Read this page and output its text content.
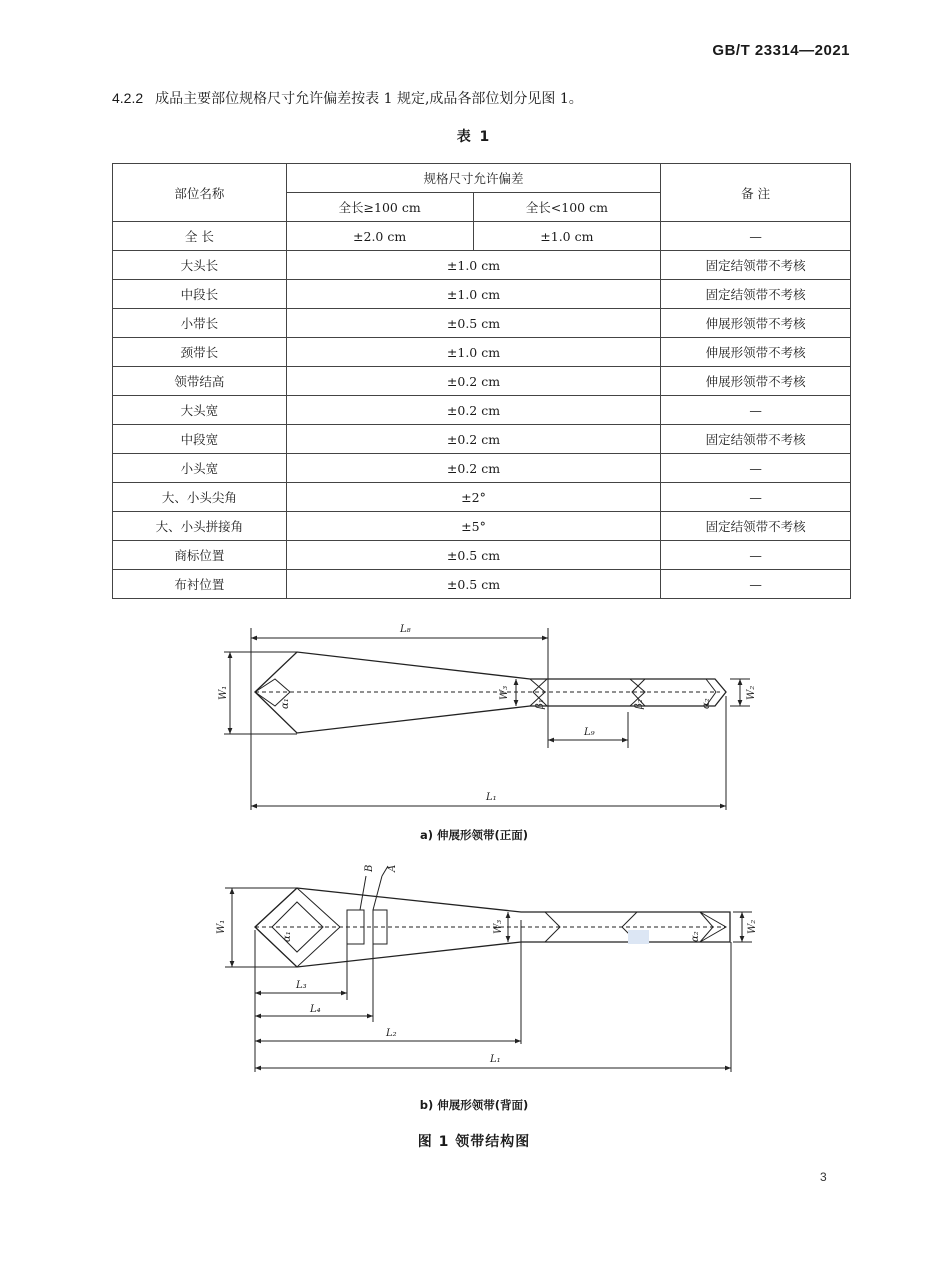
GB/T 23314—2021
4.2.2 成品主要部位规格尺寸允许偏差按表 1 规定,成品各部位划分见图 1。
表 1
部位名称	规格尺寸允许偏差		备 注
	全长≥100 cm	全长<100 cm	
全 长	±2.0 cm	±1.0 cm	—
大头长	±1.0 cm		固定结领带不考核
中段长	±1.0 cm		固定结领带不考核
小带长	±0.5 cm		伸展形领带不考核
颈带长	±1.0 cm		伸展形领带不考核
领带结高	±0.2 cm		伸展形领带不考核
大头宽	±0.2 cm		—
中段宽	±0.2 cm		固定结领带不考核
小头宽	±0.2 cm		—
大、小头尖角	±2°		—
大、小头拼接角	±5°		固定结领带不考核
商标位置	±0.5 cm		—
布衬位置	±0.5 cm		—
L₈
L₉
L₁
W₁	W₃	W₂
α₁	β₁	β₂	α₂
B A
L₃
L₄
L₂
L₁
W₁	W₃	W₂
α₁	α₂
a) 伸展形领带(正面)
b) 伸展形领带(背面)
图 1 领带结构图
3
